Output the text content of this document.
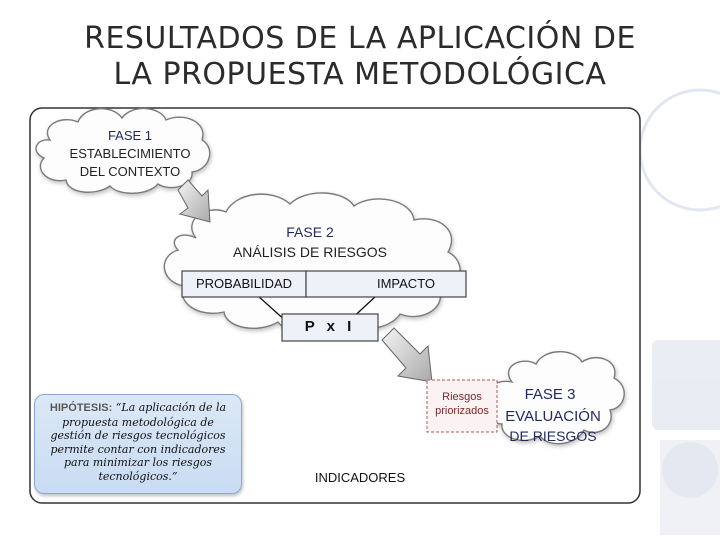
RESULTADOS DE LA APLICACIÓN DE
LA PROPUESTA METODOLÓGICA
FASE 1
ESTABLECIMIENTO
DEL CONTEXTO
FASE 2
ANÁLISIS DE RIESGOS
PROBABILIDAD	IMPACTO
P x I
Riesgos
priorizados
FASE 3
EVALUACIÓN
DE RIESGOS
INDICADORES
HIPÓTESIS: “La aplicación de la propuesta metodológica de gestión de riesgos tecnológicos permite contar con indicadores para minimizar los riesgos tecnológicos.”
